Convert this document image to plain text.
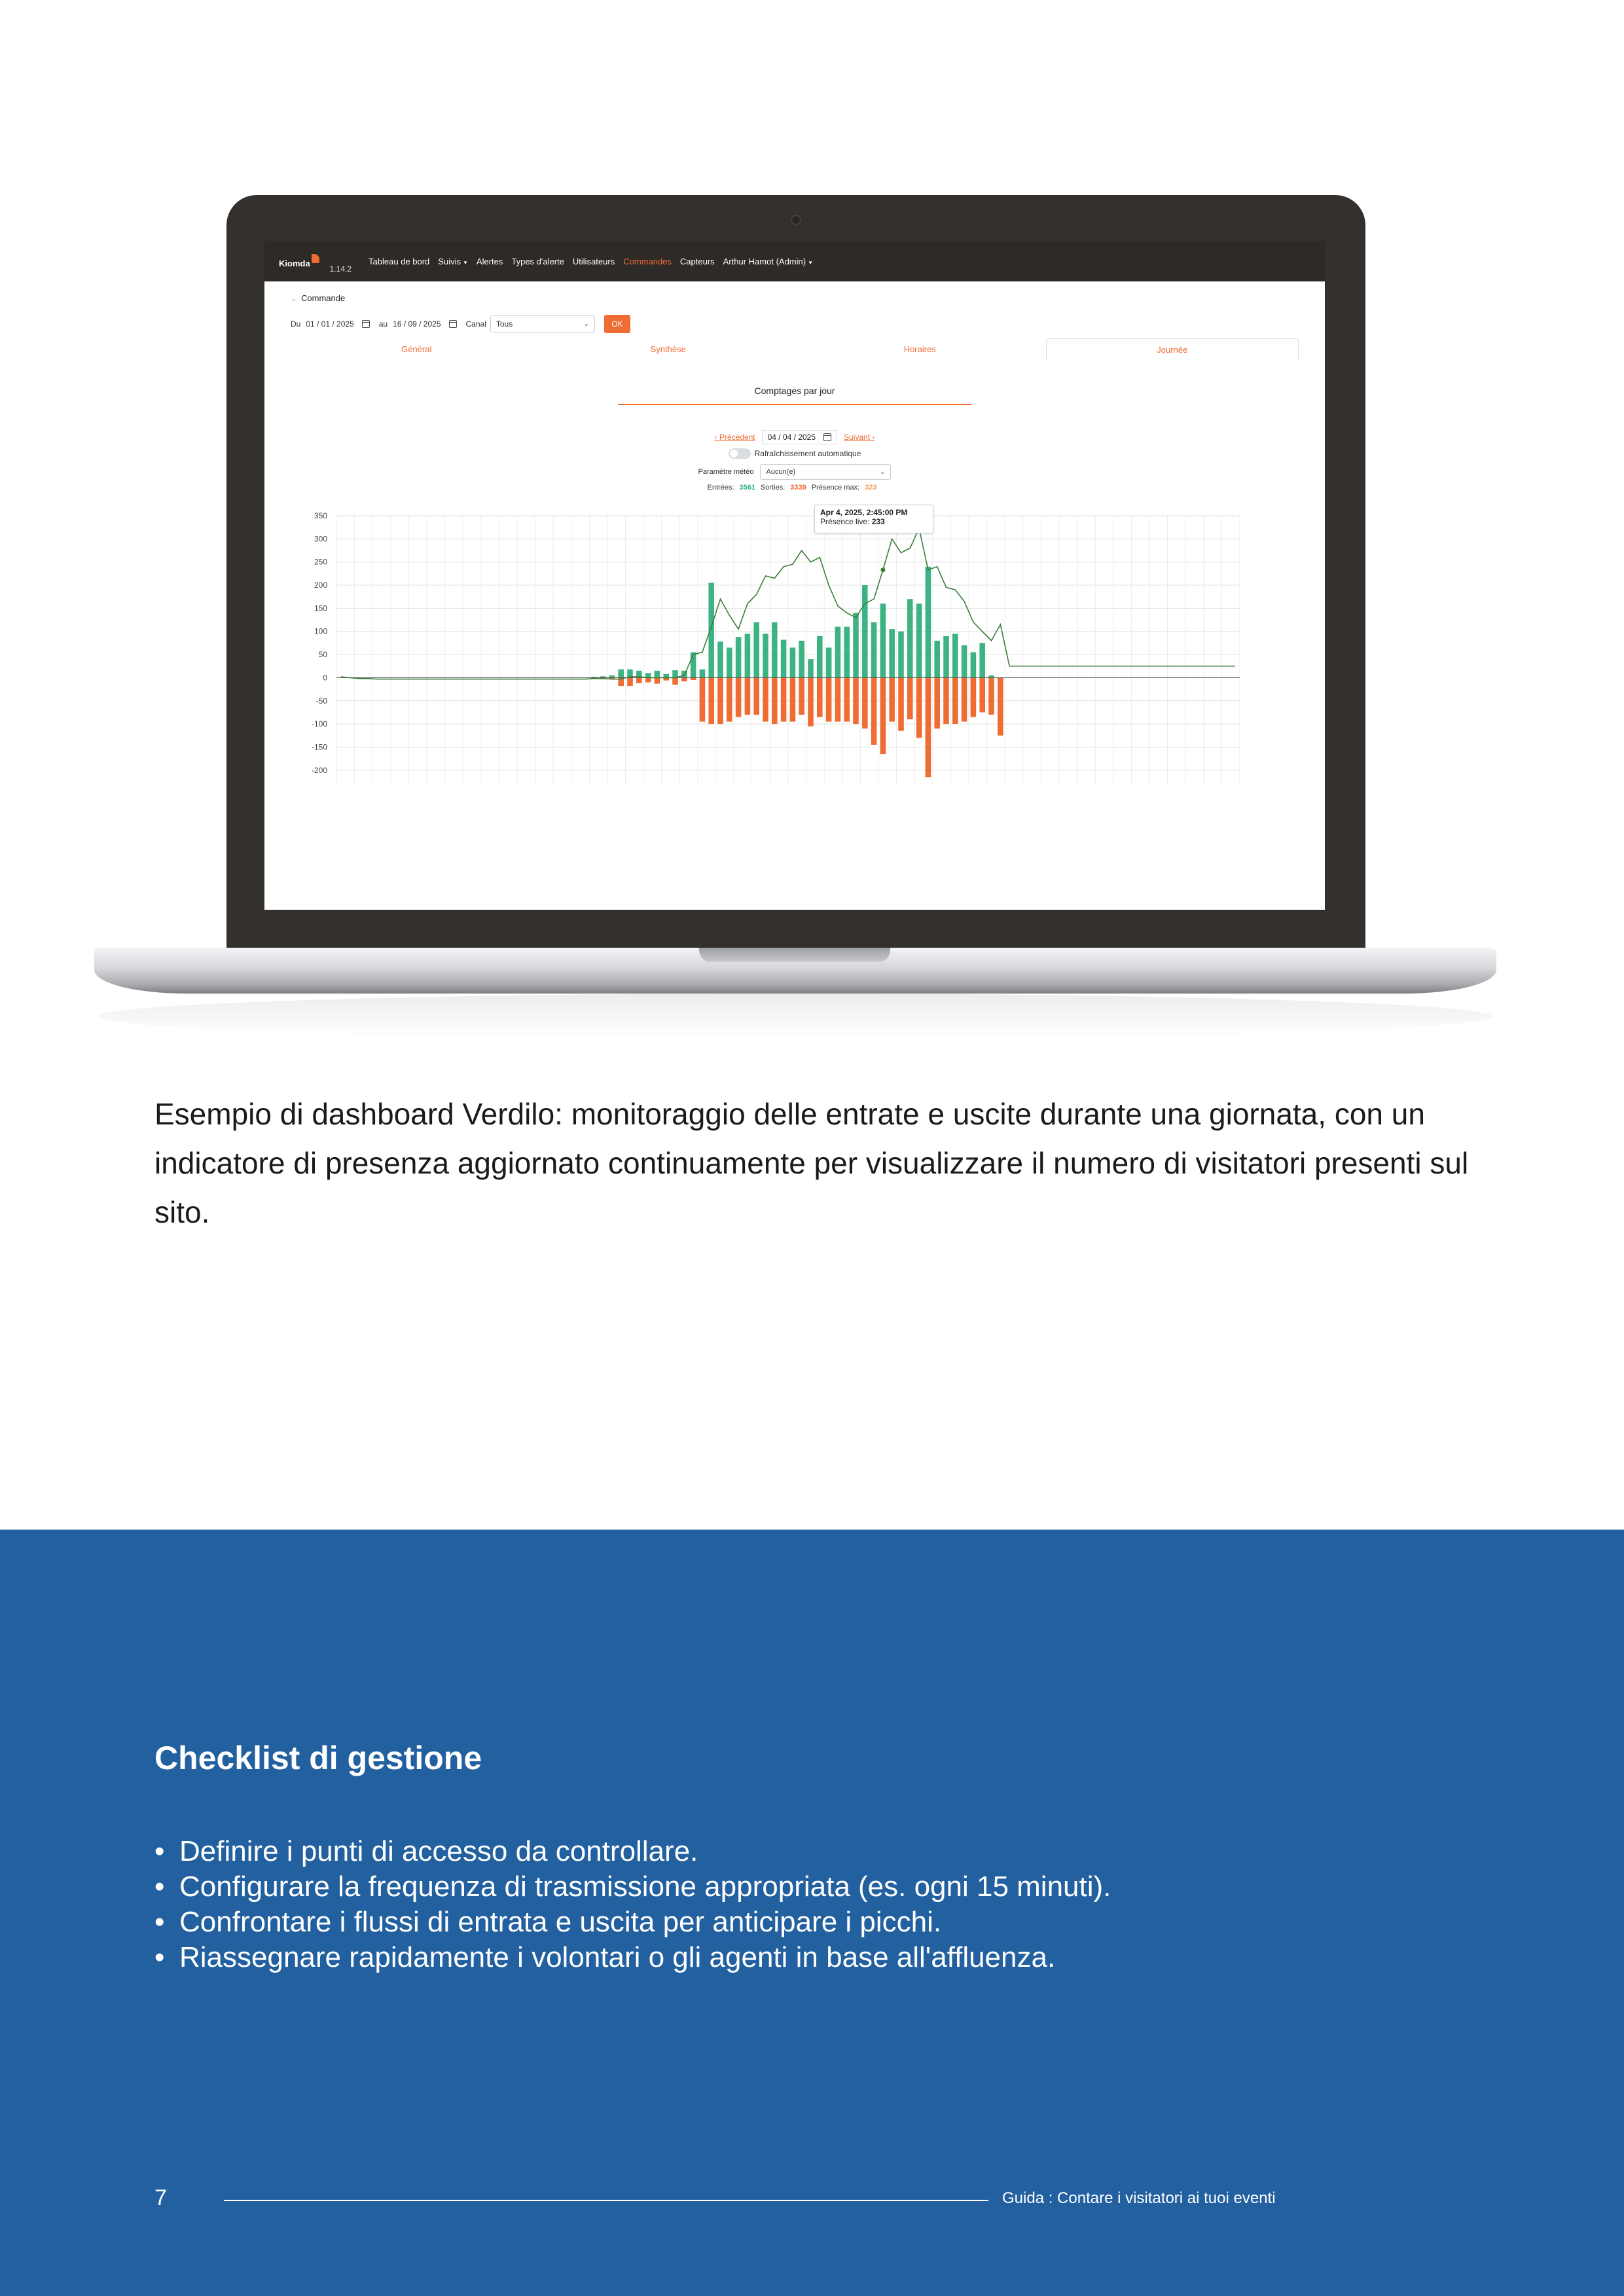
Kiomda
1.14.2
Tableau de bord Suivis ▼ Alertes Types d'alerte Utilisateurs Commandes Capteurs Arthur Hamot (Admin) ▼
← Commande
Du 01 / 01 / 2025	au 16 / 09 / 2025	Canal Tous	⌄	OK
Général	Synthèse	Horaires	Journée
Comptages par jour
‹ Précédent 04 / 04 / 2025	Suivant ›
Rafraîchissement automatique
Paramètre météo Aucun(e)	⌄
Entrées: 3561 Sorties: 3339 Présence max: 323
350
300
250
200
150
100
50
0
-50
-100
-150
-200
Apr 4, 2025, 2:45:00 PM
Présence live: 233

Esempio di dashboard Verdilo: monitoraggio delle entrate e uscite durante una giornata, con un indicatore di presenza aggiornato continuamente per visualizzare il numero di visitatori presenti sul sito.

Checklist di gestione
• Definire i punti di accesso da controllare.
• Configurare la frequenza di trasmissione appropriata (es. ogni 15 minuti).
• Confrontare i flussi di entrata e uscita per anticipare i picchi.
• Riassegnare rapidamente i volontari o gli agenti in base all'affluenza.
7	Guida : Contare i visitatori ai tuoi eventi
